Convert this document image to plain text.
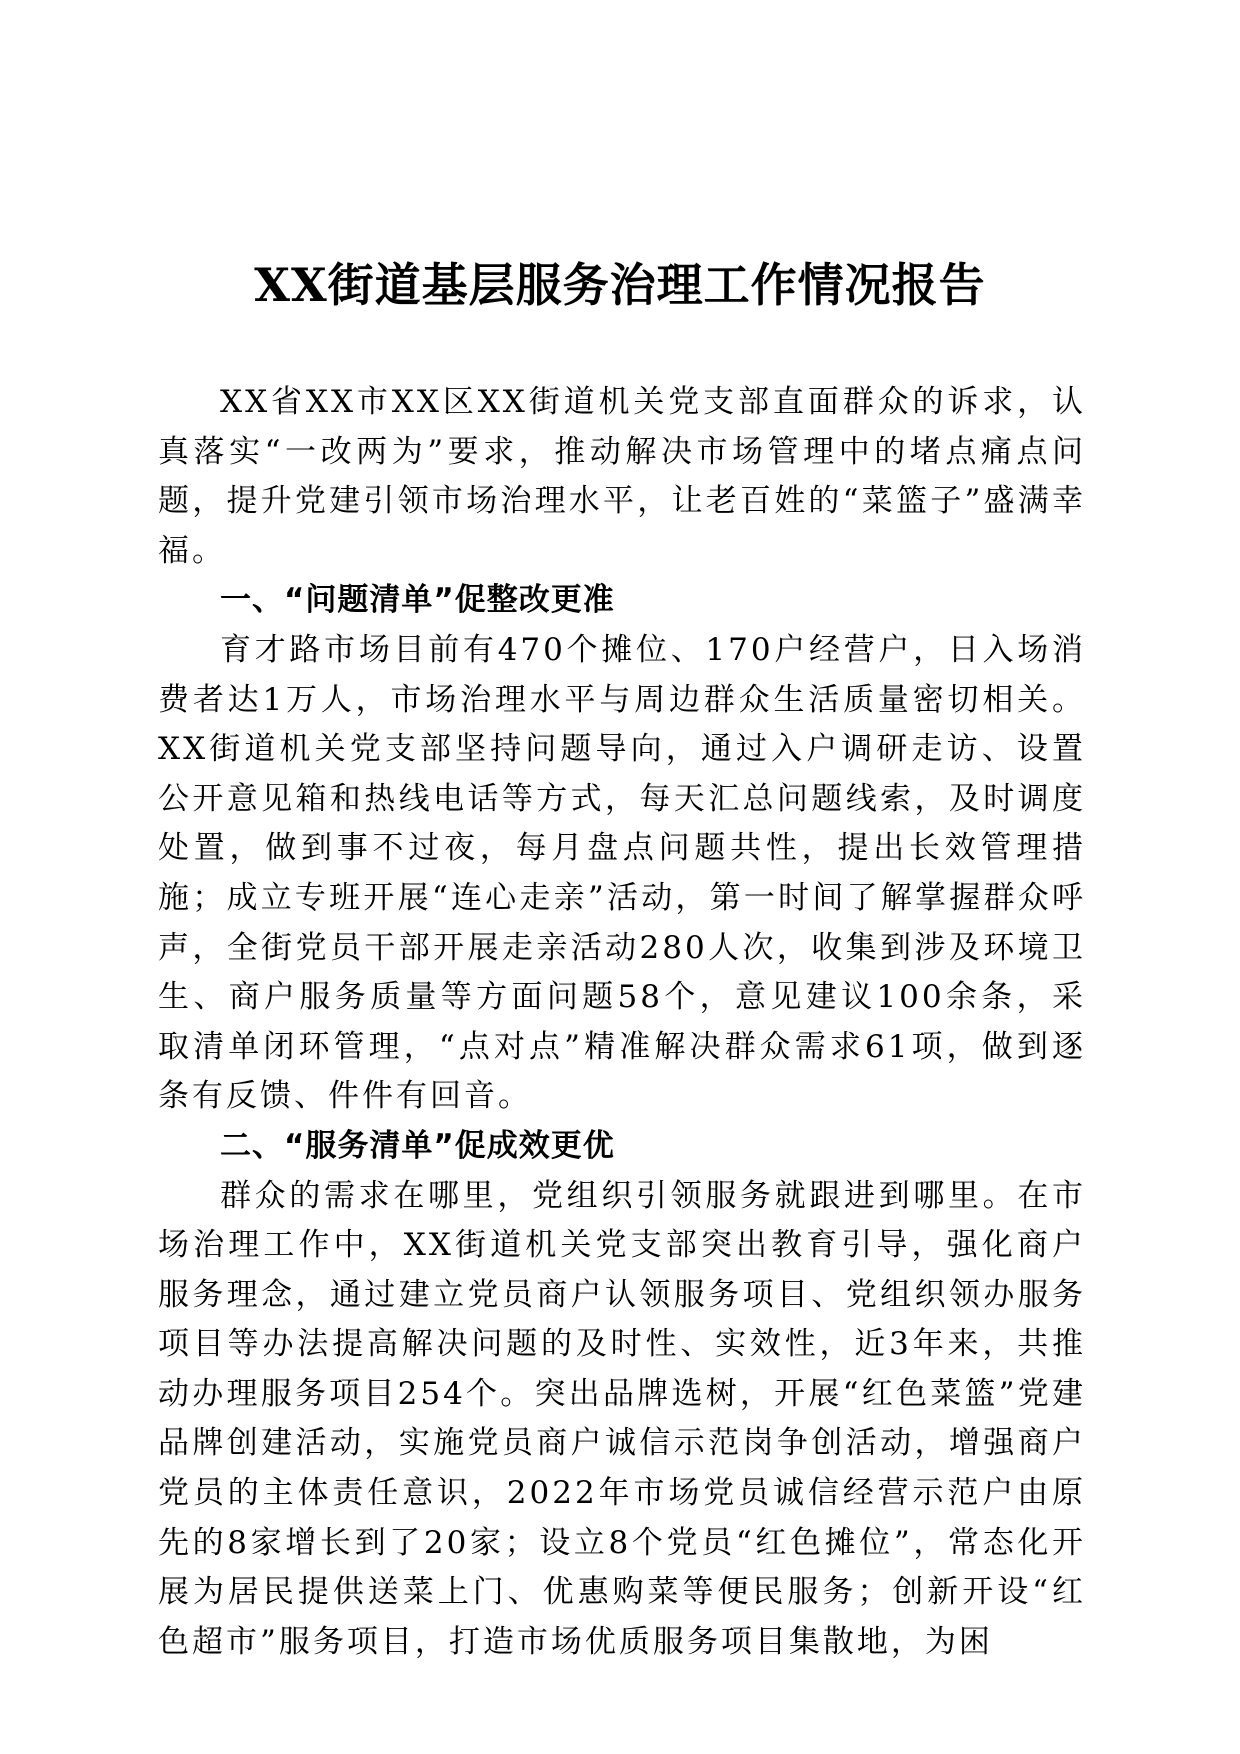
XX街道基层服务治理工作情况报告

XX省XX市XX区XX街道机关党支部直面群众的诉求，认真落实“一改两为”要求，推动解决市场管理中的堵点痛点问题，提升党建引领市场治理水平，让老百姓的“菜篮子”盛满幸福。

一、“问题清单”促整改更准

育才路市场目前有470个摊位、170户经营户，日入场消费者达1万人，市场治理水平与周边群众生活质量密切相关。XX街道机关党支部坚持问题导向，通过入户调研走访、设置公开意见箱和热线电话等方式，每天汇总问题线索，及时调度处置，做到事不过夜，每月盘点问题共性，提出长效管理措施；成立专班开展“连心走亲”活动，第一时间了解掌握群众呼声，全街党员干部开展走亲活动280人次，收集到涉及环境卫生、商户服务质量等方面问题58个，意见建议100余条，采取清单闭环管理，“点对点”精准解决群众需求61项，做到逐条有反馈、件件有回音。

二、“服务清单”促成效更优

群众的需求在哪里，党组织引领服务就跟进到哪里。在市场治理工作中，XX街道机关党支部突出教育引导，强化商户服务理念，通过建立党员商户认领服务项目、党组织领办服务项目等办法提高解决问题的及时性、实效性，近3年来，共推动办理服务项目254个。突出品牌选树，开展“红色菜篮”党建品牌创建活动，实施党员商户诚信示范岗争创活动，增强商户党员的主体责任意识，2022年市场党员诚信经营示范户由原先的8家增长到了20家；设立8个党员“红色摊位”，常态化开展为居民提供送菜上门、优惠购菜等便民服务；创新开设“红色超市”服务项目，打造市场优质服务项目集散地，为困
